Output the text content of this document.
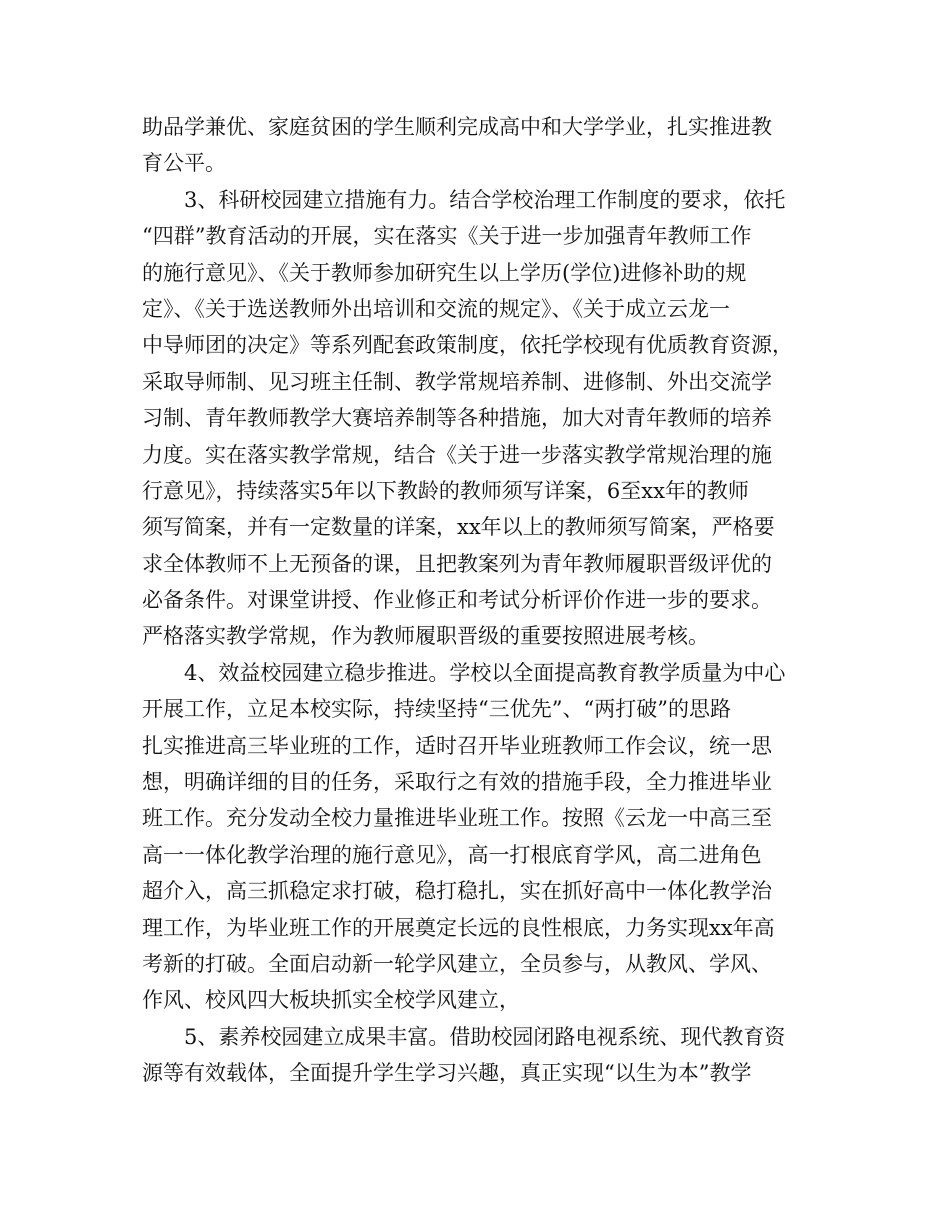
助品学兼优、家庭贫困的学生顺利完成高中和大学学业，扎实推进教
育公平。
3、科研校园建立措施有力。结合学校治理工作制度的要求，依托
“四群”教育活动的开展，实在落实《关于进一步加强青年教师工作
的施行意见》、《关于教师参加研究生以上学历(学位)进修补助的规
定》、《关于选送教师外出培训和交流的规定》、《关于成立云龙一
中导师团的决定》等系列配套政策制度，依托学校现有优质教育资源，
采取导师制、见习班主任制、教学常规培养制、进修制、外出交流学
习制、青年教师教学大赛培养制等各种措施，加大对青年教师的培养
力度。实在落实教学常规，结合《关于进一步落实教学常规治理的施
行意见》，持续落实5年以下教龄的教师须写详案，6至xx年的教师
须写简案，并有一定数量的详案，xx年以上的教师须写简案，严格要
求全体教师不上无预备的课，且把教案列为青年教师履职晋级评优的
必备条件。对课堂讲授、作业修正和考试分析评价作进一步的要求。
严格落实教学常规，作为教师履职晋级的重要按照进展考核。
4、效益校园建立稳步推进。学校以全面提高教育教学质量为中心
开展工作，立足本校实际，持续坚持“三优先”、“两打破”的思路
扎实推进高三毕业班的工作，适时召开毕业班教师工作会议，统一思
想，明确详细的目的任务，采取行之有效的措施手段，全力推进毕业
班工作。充分发动全校力量推进毕业班工作。按照《云龙一中高三至
高一一体化教学治理的施行意见》，高一打根底育学风，高二进角色
超介入，高三抓稳定求打破，稳打稳扎，实在抓好高中一体化教学治
理工作，为毕业班工作的开展奠定长远的良性根底，力务实现xx年高
考新的打破。全面启动新一轮学风建立，全员参与，从教风、学风、
作风、校风四大板块抓实全校学风建立，
5、素养校园建立成果丰富。借助校园闭路电视系统、现代教育资
源等有效载体，全面提升学生学习兴趣，真正实现“以生为本”教学
